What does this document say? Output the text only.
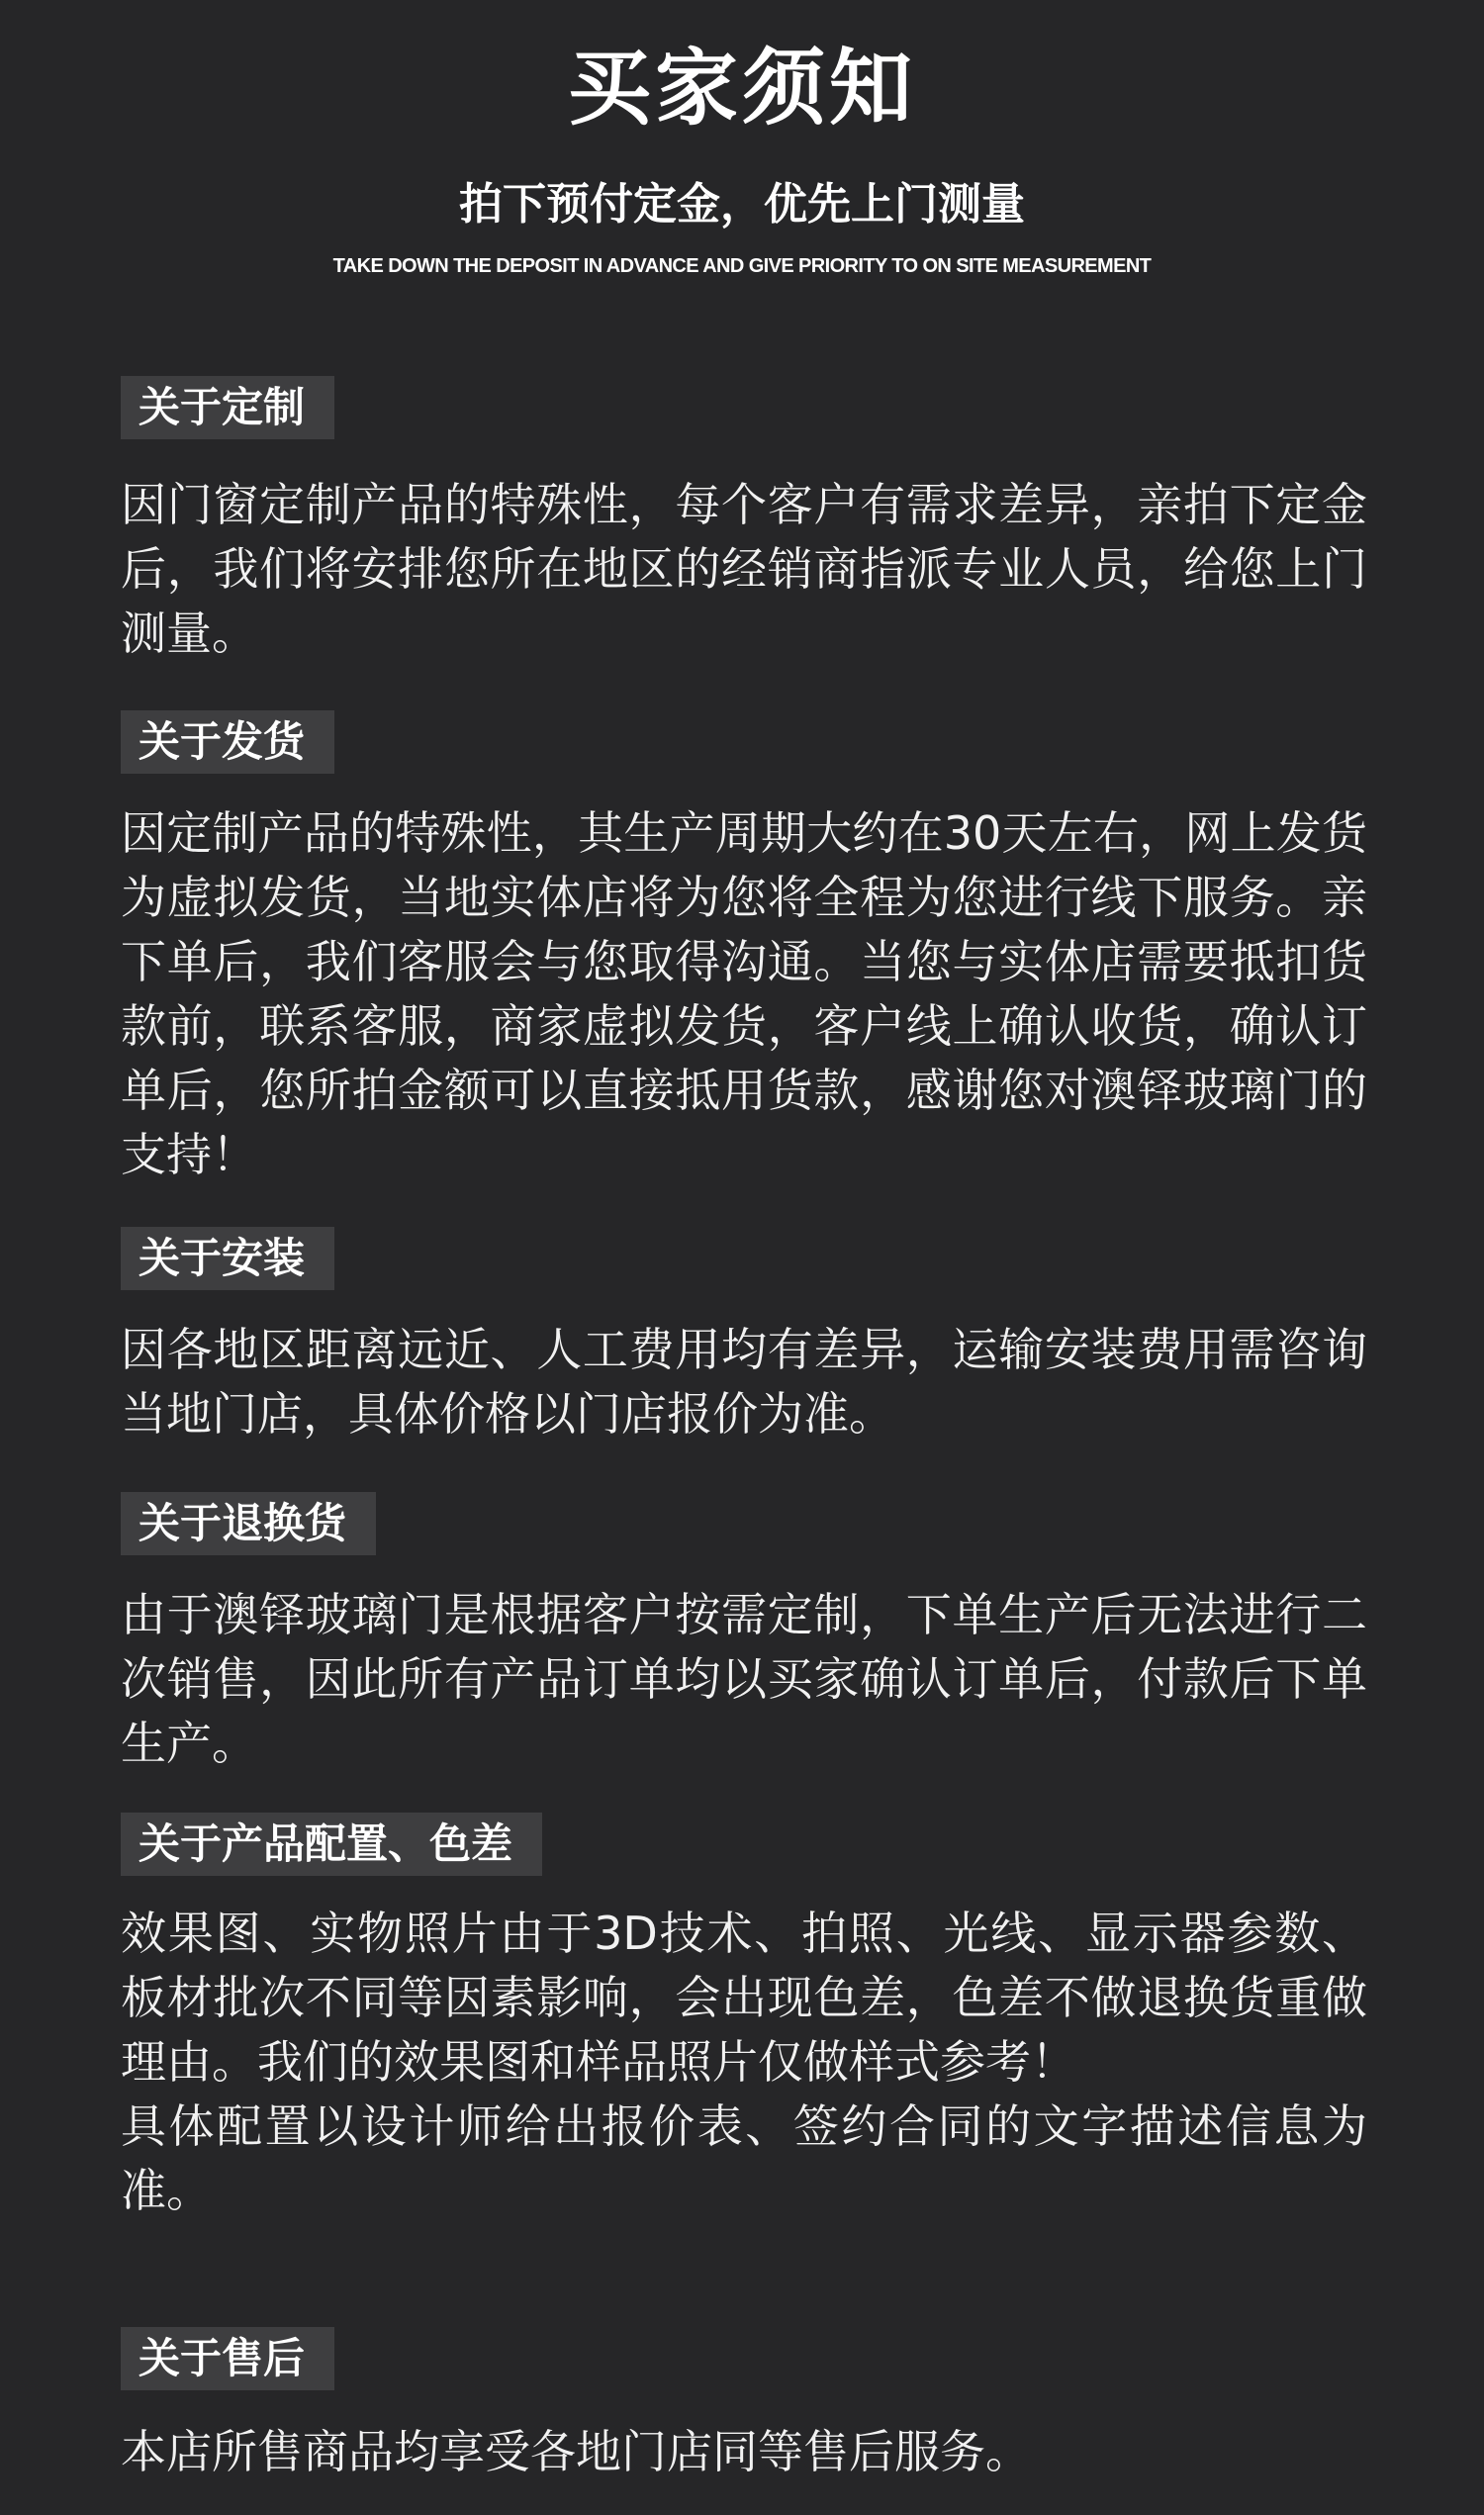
买家须知
拍下预付定金，优先上门测量
TAKE DOWN THE DEPOSIT IN ADVANCE AND GIVE PRIORITY TO ON SITE MEASUREMENT
关于定制

因门窗定制产品的特殊性，每个客户有需求差异，亲拍下定金后，我们将安排您所在地区的经销商指派专业人员，给您上门测量。

关于发货

因定制产品的特殊性，其生产周期大约在30天左右，网上发货为虚拟发货，当地实体店将为您将全程为您进行线下服务。亲下单后，我们客服会与您取得沟通。当您与实体店需要抵扣货款前，联系客服，商家虚拟发货，客户线上确认收货，确认订单后，您所拍金额可以直接抵用货款，感谢您对澳铎玻璃门的支持！

关于安装

因各地区距离远近、人工费用均有差异，运输安装费用需咨询当地门店，具体价格以门店报价为准。

关于退换货

由于澳铎玻璃门是根据客户按需定制，下单生产后无法进行二次销售，因此所有产品订单均以买家确认订单后，付款后下单生产。

关于产品配置、色差

效果图、实物照片由于3D技术、拍照、光线、显示器参数、板材批次不同等因素影响，会出现色差，色差不做退换货重做理由。我们的效果图和样品照片仅做样式参考！

具体配置以设计师给出报价表、签约合同的文字描述信息为准。

关于售后

本店所售商品均享受各地门店同等售后服务。
